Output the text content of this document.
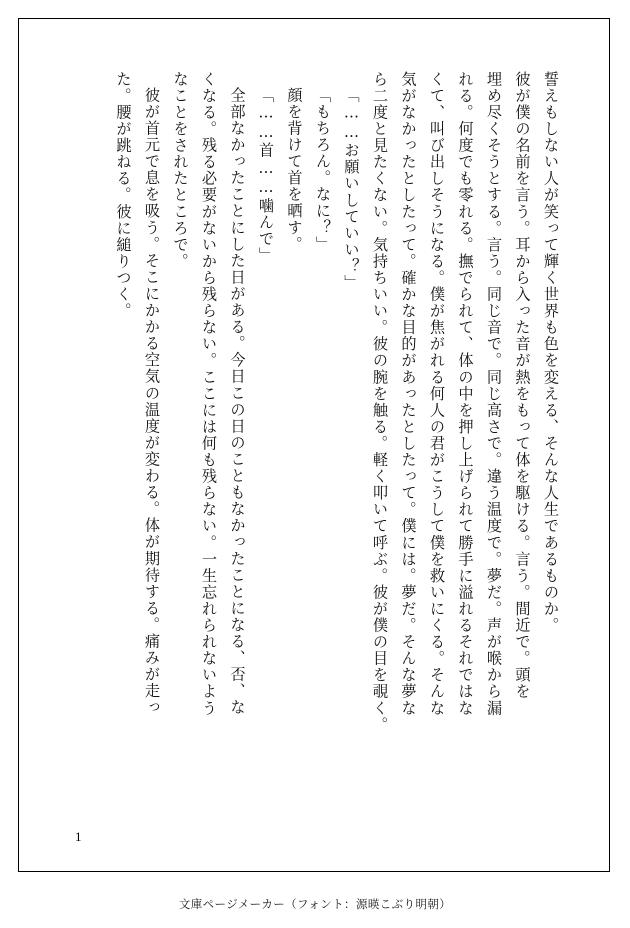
誓えもしない人が笑って輝く世界も色を変える、そんな人生であるものか。
彼が僕の名前を言う。耳から入った音が熱をもって体を駆ける。言う。間近で。頭を
埋め尽くそうとする。言う。同じ音で。同じ高さで。違う温度で。夢だ。声が喉から漏
れる。何度でも零れる。撫でられて、体の中を押し上げられて勝手に溢れるそれではな
くて、叫び出しそうになる。僕が焦がれる何人の君がこうして僕を救いにくる。そんな
気がなかったとしたって。確かな目的があったとしたって。僕には。夢だ。そんな夢な
ら二度と見たくない。気持ちいい。彼の腕を触る。軽く叩いて呼ぶ。彼が僕の目を覗く。
「……お願いしていい？」
「もちろん。なに？」
顔を背けて首を晒す。
「……首……噛んで」
全部なかったことにした日がある。今日この日のこともなかったことになる、否、な
くなる。残る必要がないから残らない。ここには何も残らない。一生忘れられないよう
なことをされたところで。
彼が首元で息を吸う。そこにかかる空気の温度が変わる。体が期待する。痛みが走っ
た。腰が跳ねる。彼に縋りつく。
1
文庫ページメーカー（フォント：源暎こぶり明朝）
